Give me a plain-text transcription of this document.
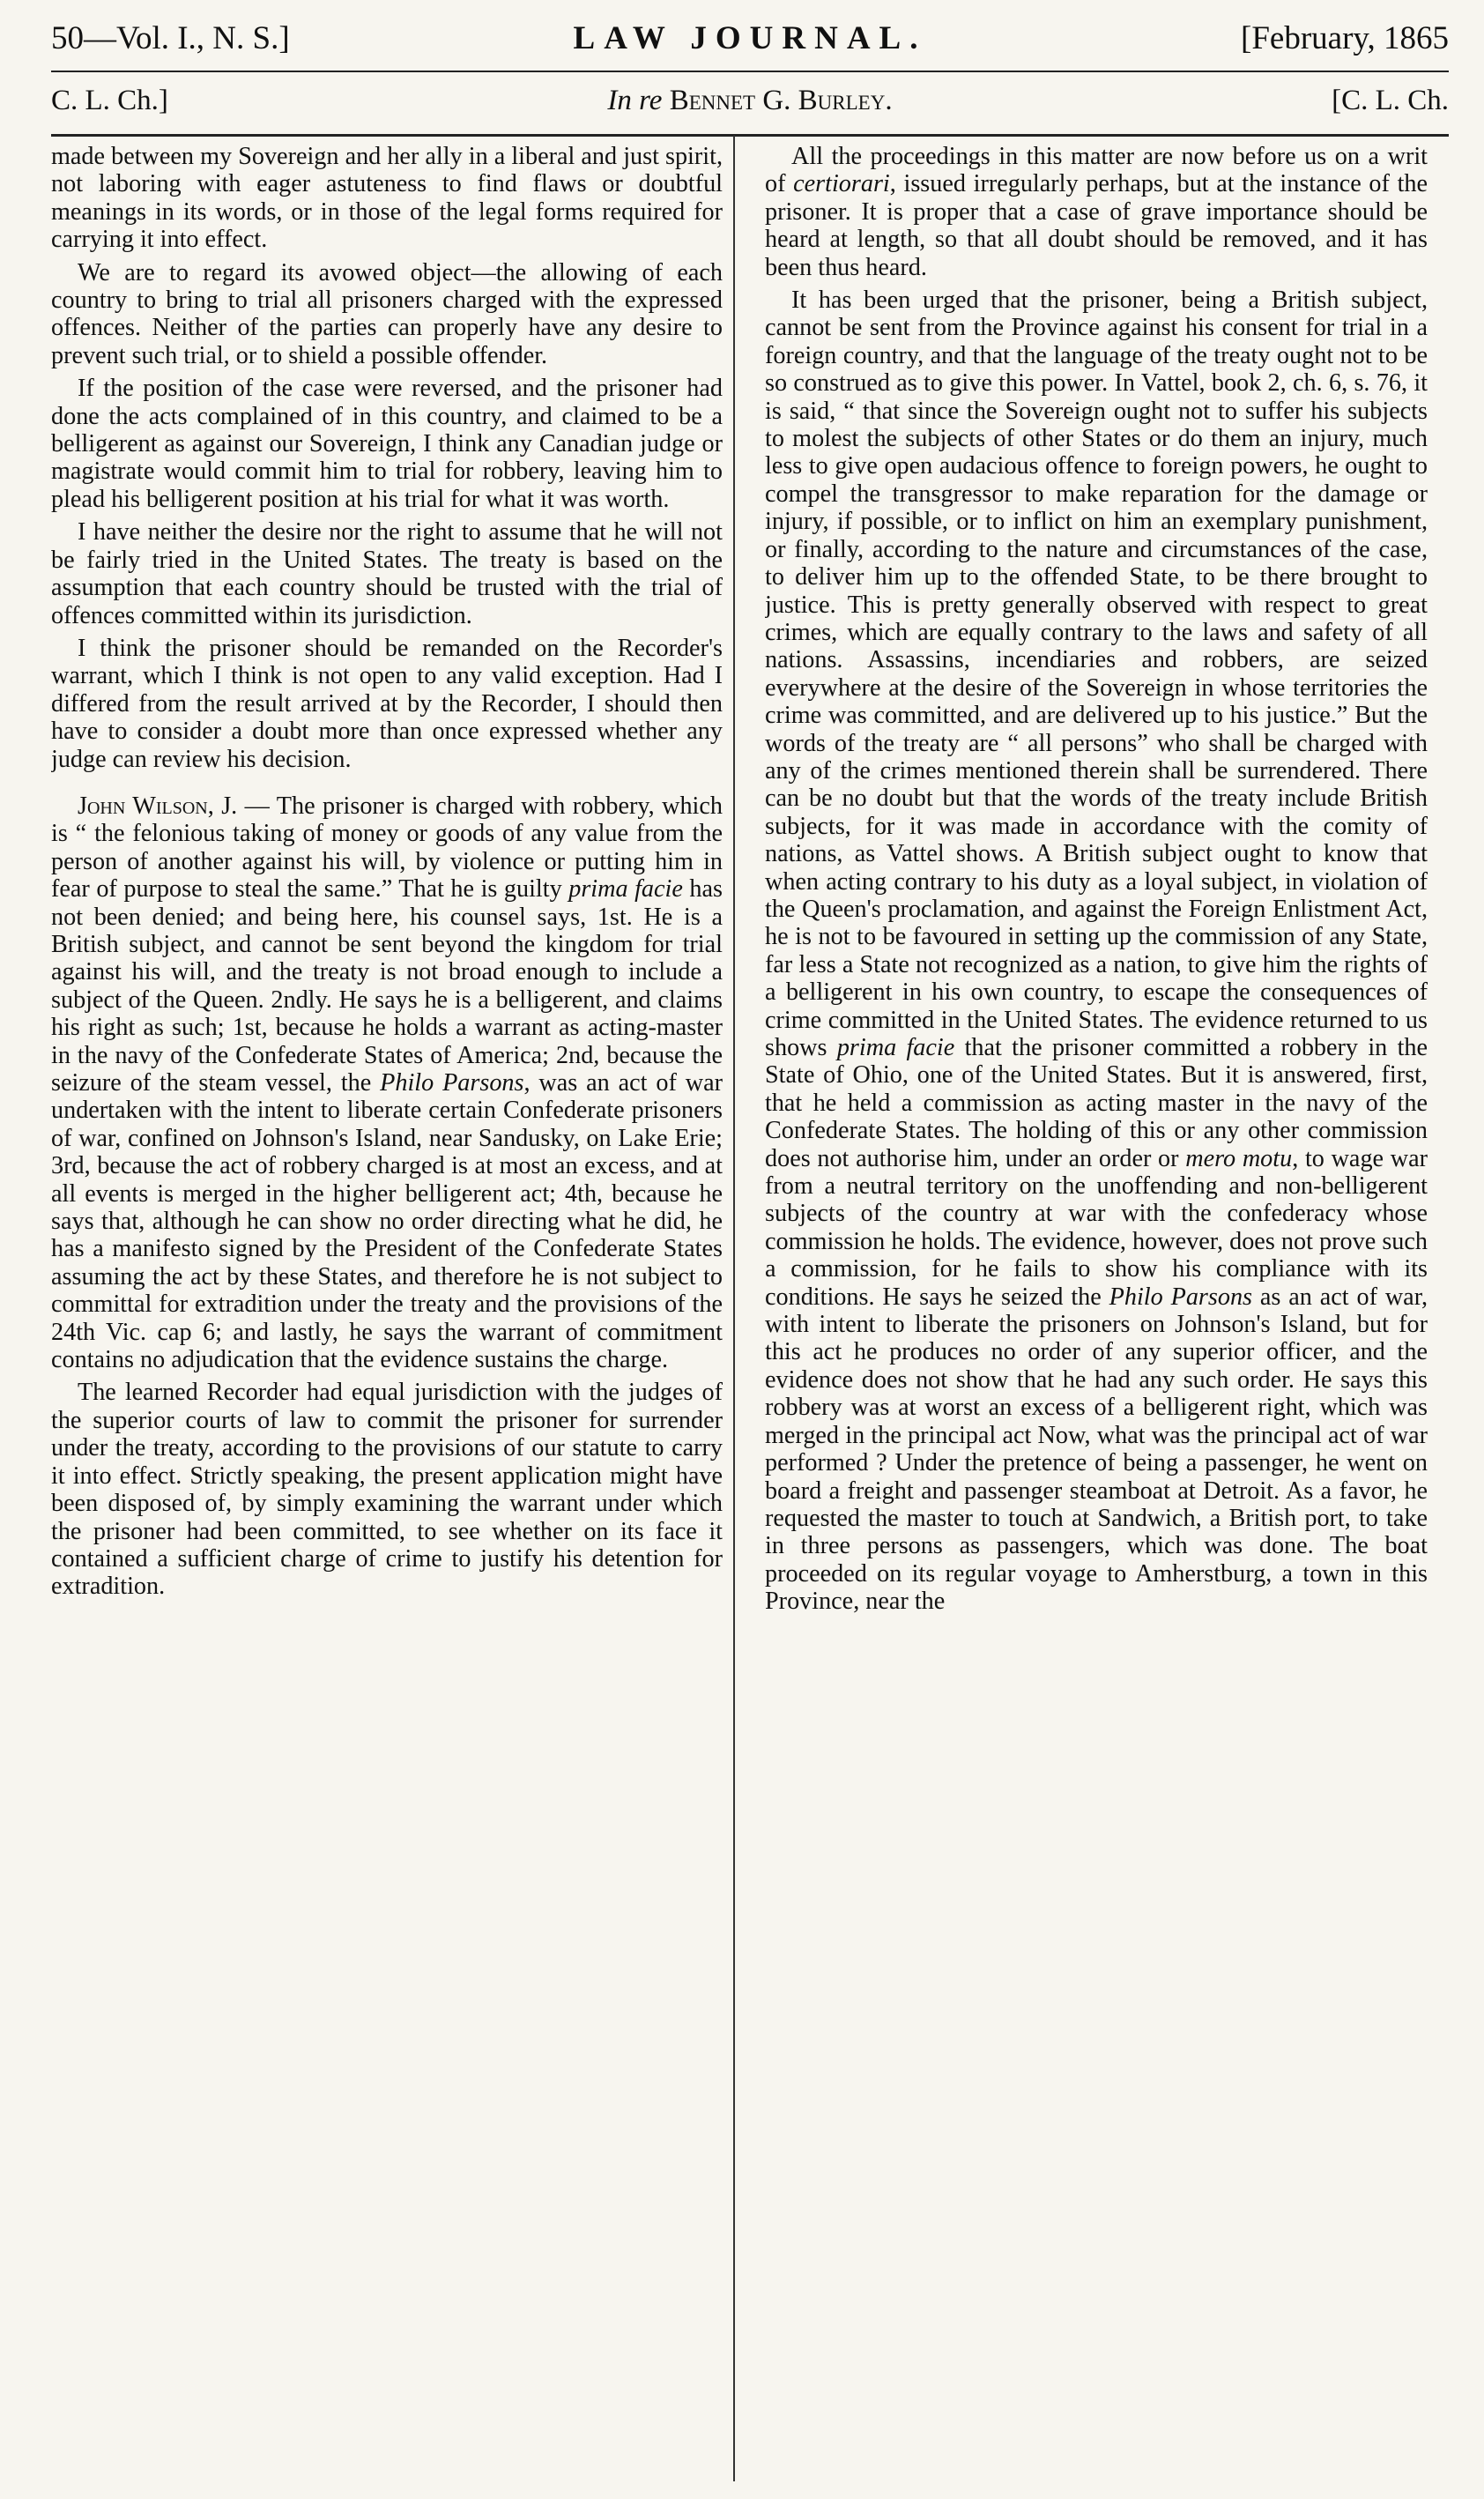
50—Vol. I., N. S.]	LAW JOURNAL.	[February, 1865
C. L. Ch.]	In re Bennet G. Burley.	[C. L. Ch.

made between my Sovereign and her ally in a liberal and just spirit, not laboring with eager astuteness to find flaws or doubtful meanings in its words, or in those of the legal forms required for carrying it into effect.

We are to regard its avowed object—the allowing of each country to bring to trial all prisoners charged with the expressed offences. Neither of the parties can properly have any desire to prevent such trial, or to shield a possible offender.

If the position of the case were reversed, and the prisoner had done the acts complained of in this country, and claimed to be a belligerent as against our Sovereign, I think any Canadian judge or magistrate would commit him to trial for robbery, leaving him to plead his belligerent position at his trial for what it was worth.

I have neither the desire nor the right to assume that he will not be fairly tried in the United States. The treaty is based on the assumption that each country should be trusted with the trial of offences committed within its jurisdiction.

I think the prisoner should be remanded on the Recorder's warrant, which I think is not open to any valid exception. Had I differed from the result arrived at by the Recorder, I should then have to consider a doubt more than once expressed whether any judge can review his decision.

John Wilson, J. — The prisoner is charged with robbery, which is “ the felonious taking of money or goods of any value from the person of another against his will, by violence or putting him in fear of purpose to steal the same.” That he is guilty prima facie has not been denied; and being here, his counsel says, 1st. He is a British subject, and cannot be sent beyond the kingdom for trial against his will, and the treaty is not broad enough to include a subject of the Queen. 2ndly. He says he is a belligerent, and claims his right as such; 1st, because he holds a warrant as acting-master in the navy of the Confederate States of America; 2nd, because the seizure of the steam vessel, the Philo Parsons, was an act of war undertaken with the intent to liberate certain Confederate prisoners of war, confined on Johnson's Island, near Sandusky, on Lake Erie; 3rd, because the act of robbery charged is at most an excess, and at all events is merged in the higher belligerent act; 4th, because he says that, although he can show no order directing what he did, he has a manifesto signed by the President of the Confederate States assuming the act by these States, and therefore he is not subject to committal for extradition under the treaty and the provisions of the 24th Vic. cap 6; and lastly, he says the warrant of commitment contains no adjudication that the evidence sustains the charge.

The learned Recorder had equal jurisdiction with the judges of the superior courts of law to commit the prisoner for surrender under the treaty, according to the provisions of our statute to carry it into effect. Strictly speaking, the present application might have been disposed of, by simply examining the warrant under which the prisoner had been committed, to see whether on its face it contained a sufficient charge of crime to justify his detention for extradition.

All the proceedings in this matter are now before us on a writ of certiorari, issued irregularly perhaps, but at the instance of the prisoner. It is proper that a case of grave importance should be heard at length, so that all doubt should be removed, and it has been thus heard.

It has been urged that the prisoner, being a British subject, cannot be sent from the Province against his consent for trial in a foreign country, and that the language of the treaty ought not to be so construed as to give this power. In Vattel, book 2, ch. 6, s. 76, it is said, “ that since the Sovereign ought not to suffer his subjects to molest the subjects of other States or do them an injury, much less to give open audacious offence to foreign powers, he ought to compel the transgressor to make reparation for the damage or injury, if possible, or to inflict on him an exemplary punishment, or finally, according to the nature and circumstances of the case, to deliver him up to the offended State, to be there brought to justice. This is pretty generally observed with respect to great crimes, which are equally contrary to the laws and safety of all nations. Assassins, incendiaries and robbers, are seized everywhere at the desire of the Sovereign in whose territories the crime was committed, and are delivered up to his justice.” But the words of the treaty are “ all persons” who shall be charged with any of the crimes mentioned therein shall be surrendered. There can be no doubt but that the words of the treaty include British subjects, for it was made in accordance with the comity of nations, as Vattel shows. A British subject ought to know that when acting contrary to his duty as a loyal subject, in violation of the Queen's proclamation, and against the Foreign Enlistment Act, he is not to be favoured in setting up the commission of any State, far less a State not recognized as a nation, to give him the rights of a belligerent in his own country, to escape the consequences of crime committed in the United States. The evidence returned to us shows prima facie that the prisoner committed a robbery in the State of Ohio, one of the United States. But it is answered, first, that he held a commission as acting master in the navy of the Confederate States. The holding of this or any other commission does not authorise him, under an order or mero motu, to wage war from a neutral territory on the unoffending and non-belligerent subjects of the country at war with the confederacy whose commission he holds. The evidence, however, does not prove such a commission, for he fails to show his compliance with its conditions. He says he seized the Philo Parsons as an act of war, with intent to liberate the prisoners on Johnson's Island, but for this act he produces no order of any superior officer, and the evidence does not show that he had any such order. He says this robbery was at worst an excess of a belligerent right, which was merged in the principal act Now, what was the principal act of war performed ? Under the pretence of being a passenger, he went on board a freight and passenger steamboat at Detroit. As a favor, he requested the master to touch at Sandwich, a British port, to take in three persons as passengers, which was done. The boat proceeded on its regular voyage to Amherstburg, a town in this Province, near the
